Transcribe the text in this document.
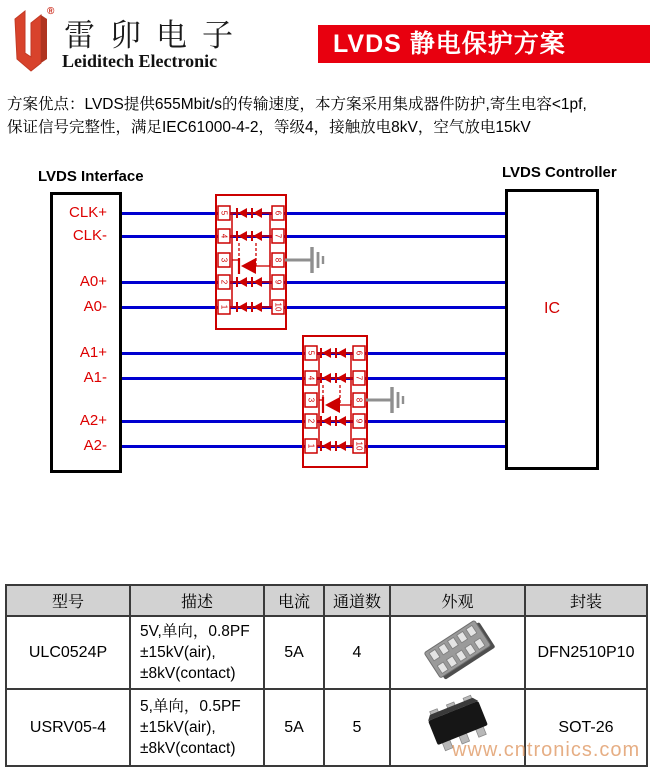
®
雷卯电子
Leiditech Electronic
LVDS 静电保护方案
方案优点：LVDS提供655Mbit/s的传输速度，本方案采用集成器件防护,寄生电容<1pf,
保证信号完整性，满足IEC61000-4-2，等级4，接触放电8kV，空气放电15kV
LVDS Interface	LVDS Controller
IC
CLK+
CLK-
A0+
A0-
A1+
A1-
A2+
A2-
5	6
4	7
3	8
2	9
1	10
5	6
4	7
3	8
2	9
1	10
型号	描述	电流	通道数	外观	封装
ULC0524P	5V,单向，0.8PF
±15kV(air),
±8kV(contact)	5A	4		DFN2510P10
USRV05-4	5,单向，0.5PF
±15kV(air),
±8kV(contact)	5A	5		SOT-26
www.cntronics.com
